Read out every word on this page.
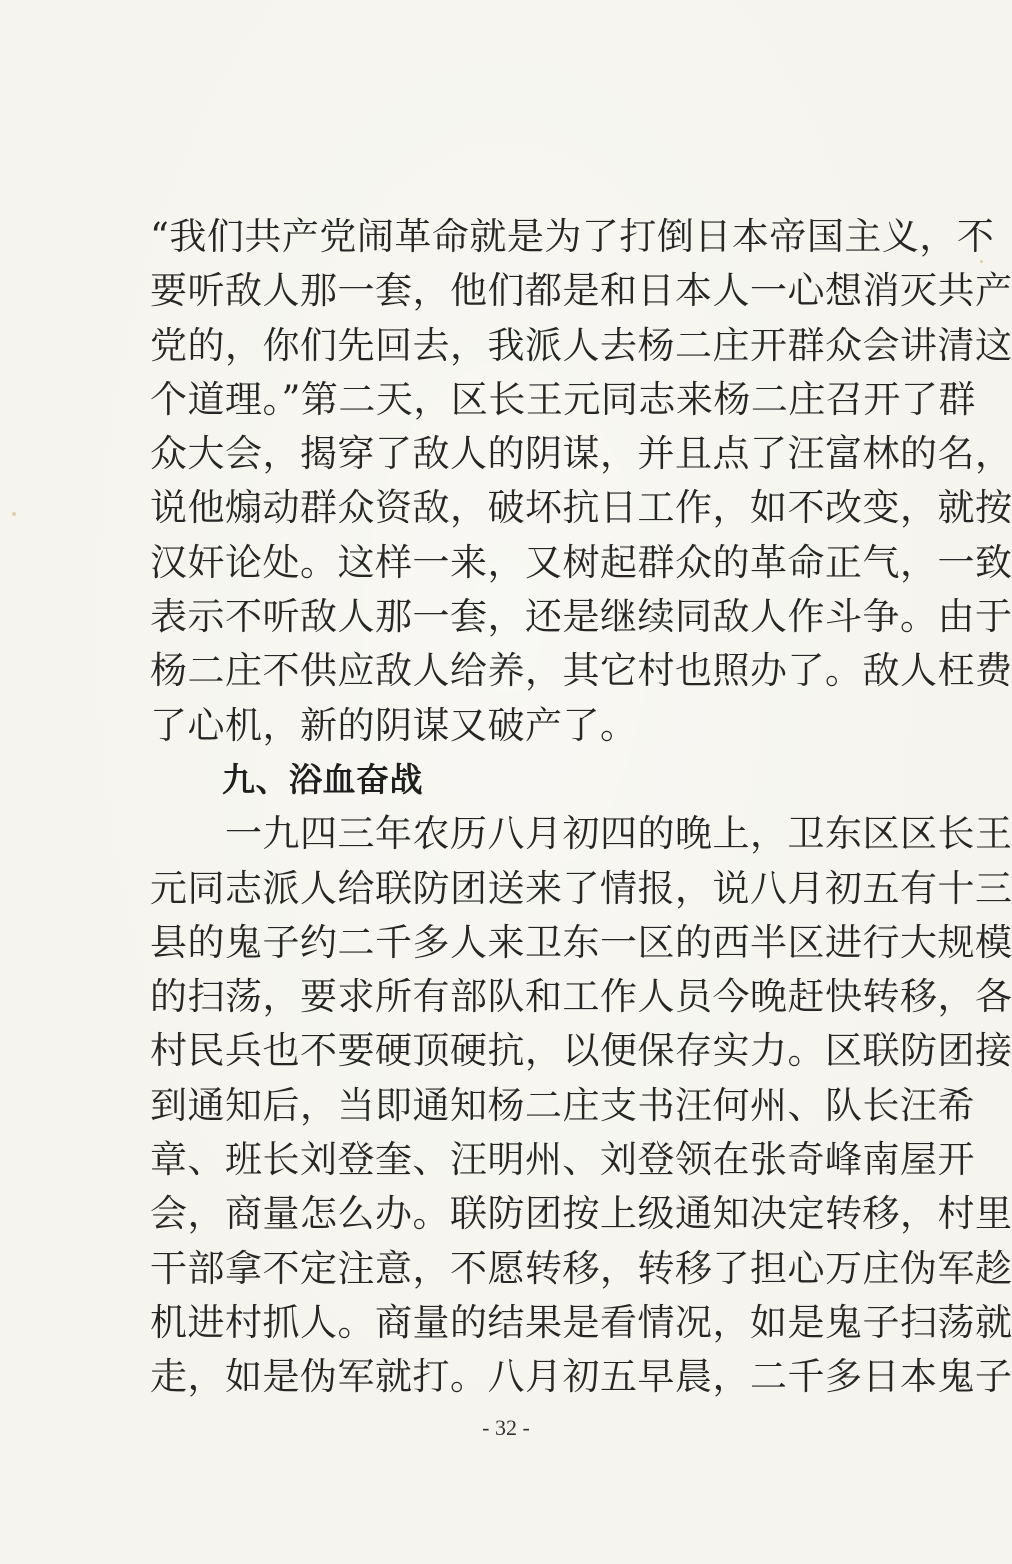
“我们共产党闹革命就是为了打倒日本帝国主义，不
要听敌人那一套，他们都是和日本人一心想消灭共产
党的，你们先回去，我派人去杨二庄开群众会讲清这
个道理。”第二天，区长王元同志来杨二庄召开了群
众大会，揭穿了敌人的阴谋，并且点了汪富林的名，
说他煽动群众资敌，破坏抗日工作，如不改变，就按
汉奸论处。这样一来，又树起群众的革命正气，一致
表示不听敌人那一套，还是继续同敌人作斗争。由于
杨二庄不供应敌人给养，其它村也照办了。敌人枉费
了心机，新的阴谋又破产了。
九、浴血奋战
　　一九四三年农历八月初四的晚上，卫东区区长王
元同志派人给联防团送来了情报，说八月初五有十三
县的鬼子约二千多人来卫东一区的西半区进行大规模
的扫荡，要求所有部队和工作人员今晚赶快转移，各
村民兵也不要硬顶硬抗，以便保存实力。区联防团接
到通知后，当即通知杨二庄支书汪何州、队长汪希
章、班长刘登奎、汪明州、刘登领在张奇峰南屋开
会，商量怎么办。联防团按上级通知决定转移，村里
干部拿不定注意，不愿转移，转移了担心万庄伪军趁
机进村抓人。商量的结果是看情况，如是鬼子扫荡就
走，如是伪军就打。八月初五早晨，二千多日本鬼子
- 32 -
